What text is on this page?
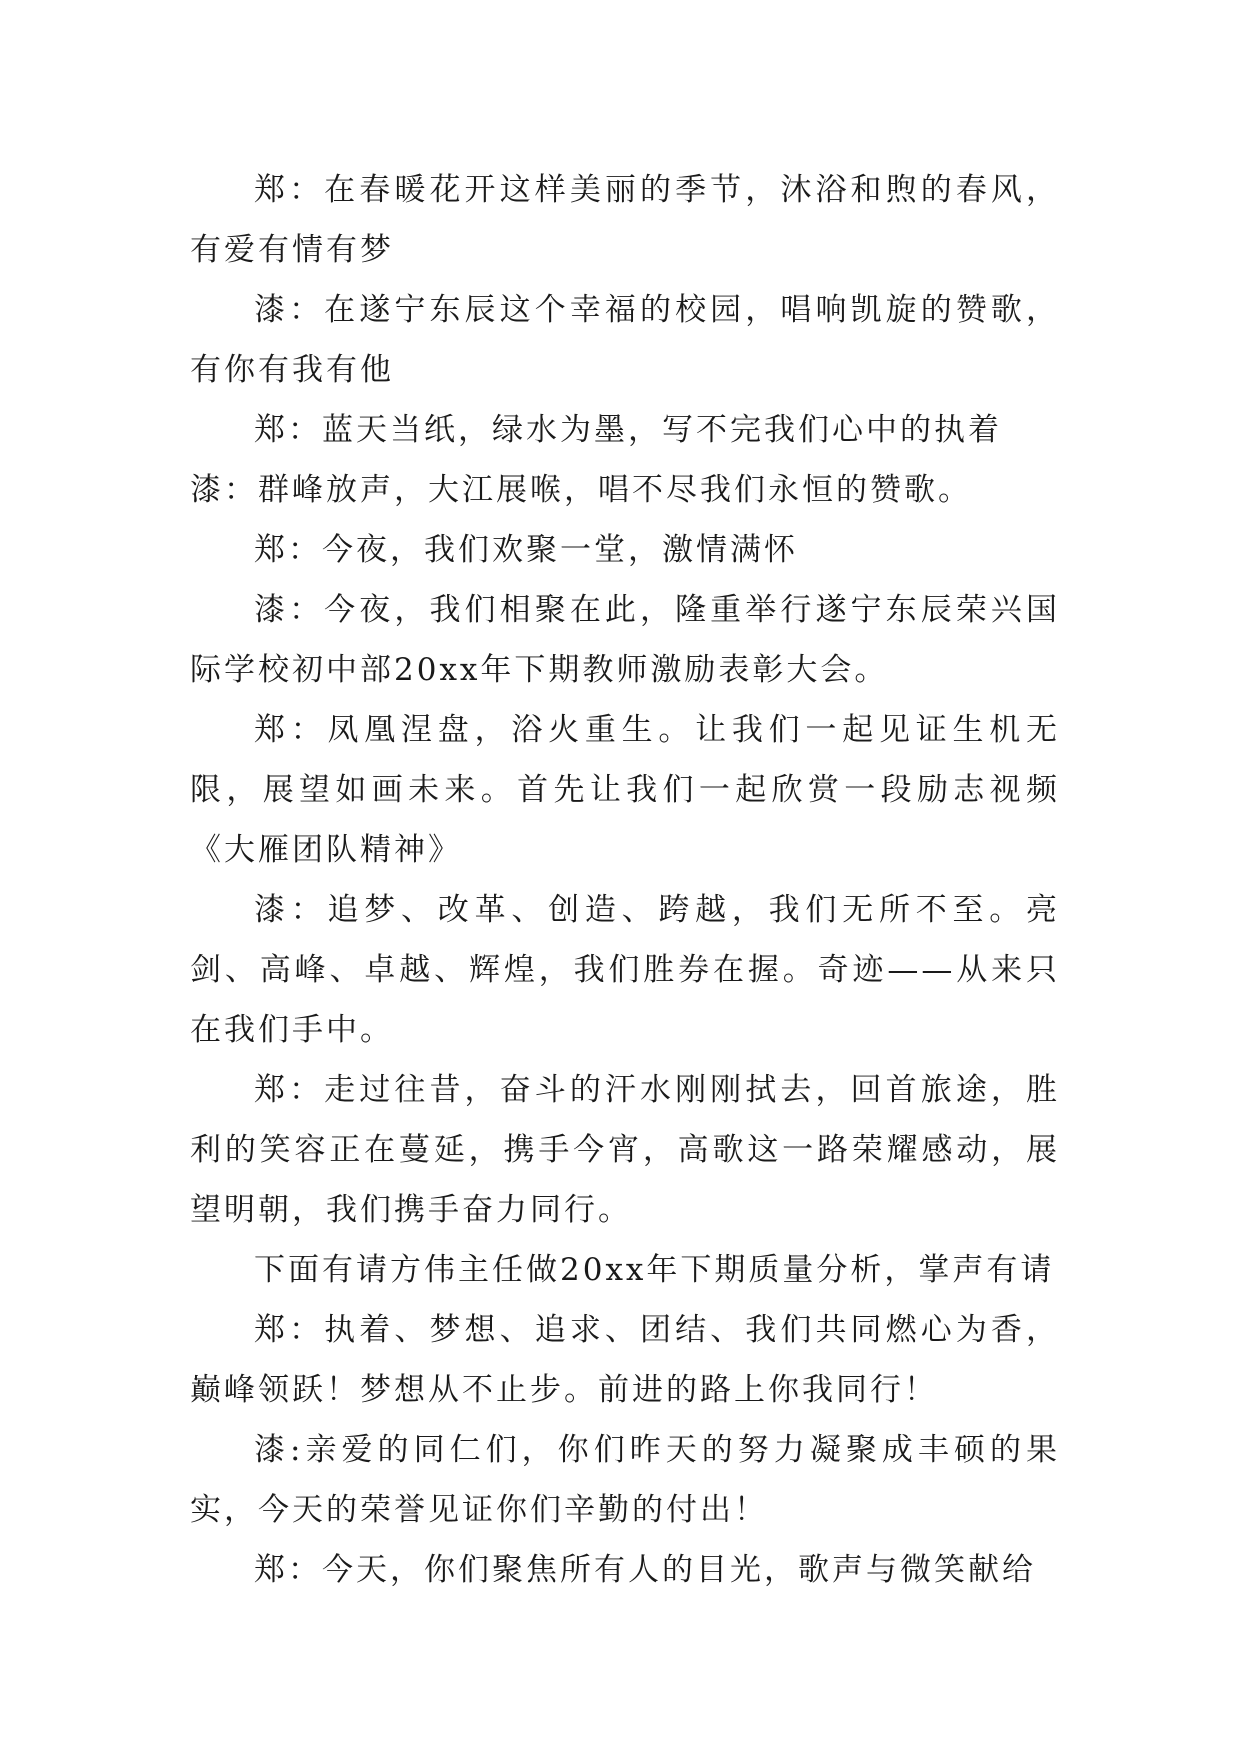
郑：在春暖花开这样美丽的季节，沐浴和煦的春风，有爱有情有梦

漆：在遂宁东辰这个幸福的校园，唱响凯旋的赞歌，有你有我有他

郑：蓝天当纸，绿水为墨，写不完我们心中的执着

漆：群峰放声，大江展喉，唱不尽我们永恒的赞歌。

郑：今夜，我们欢聚一堂，激情满怀

漆：今夜，我们相聚在此，隆重举行遂宁东辰荣兴国际学校初中部20xx年下期教师激励表彰大会。

郑：凤凰涅盘，浴火重生。让我们一起见证生机无限，展望如画未来。首先让我们一起欣赏一段励志视频《大雁团队精神》

漆：追梦、改革、创造、跨越，我们无所不至。亮剑、高峰、卓越、辉煌，我们胜券在握。奇迹——从来只在我们手中。

郑：走过往昔，奋斗的汗水刚刚拭去，回首旅途，胜利的笑容正在蔓延，携手今宵，高歌这一路荣耀感动，展望明朝，我们携手奋力同行。

下面有请方伟主任做20xx年下期质量分析，掌声有请

郑：执着、梦想、追求、团结、我们共同燃心为香，巅峰领跃！梦想从不止步。前进的路上你我同行！

漆:亲爱的同仁们，你们昨天的努力凝聚成丰硕的果实，今天的荣誉见证你们辛勤的付出！

郑：今天，你们聚焦所有人的目光，歌声与微笑献给
